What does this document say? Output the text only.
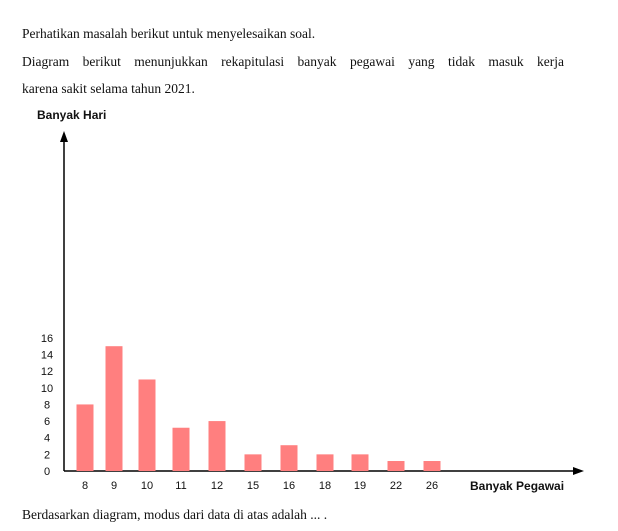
Perhatikan masalah berikut untuk menyelesaikan soal.

Diagram berikut menunjukkan rekapitulasi banyak pegawai yang tidak masuk kerja

karena sakit selama tahun 2021.

Banyak Hari
Banyak Pegawai
0
2
4
6
8
10
12
14
16
8 9 10 11 12 15 16 18 19 22 26

Berdasarkan diagram, modus dari data di atas adalah ... .
